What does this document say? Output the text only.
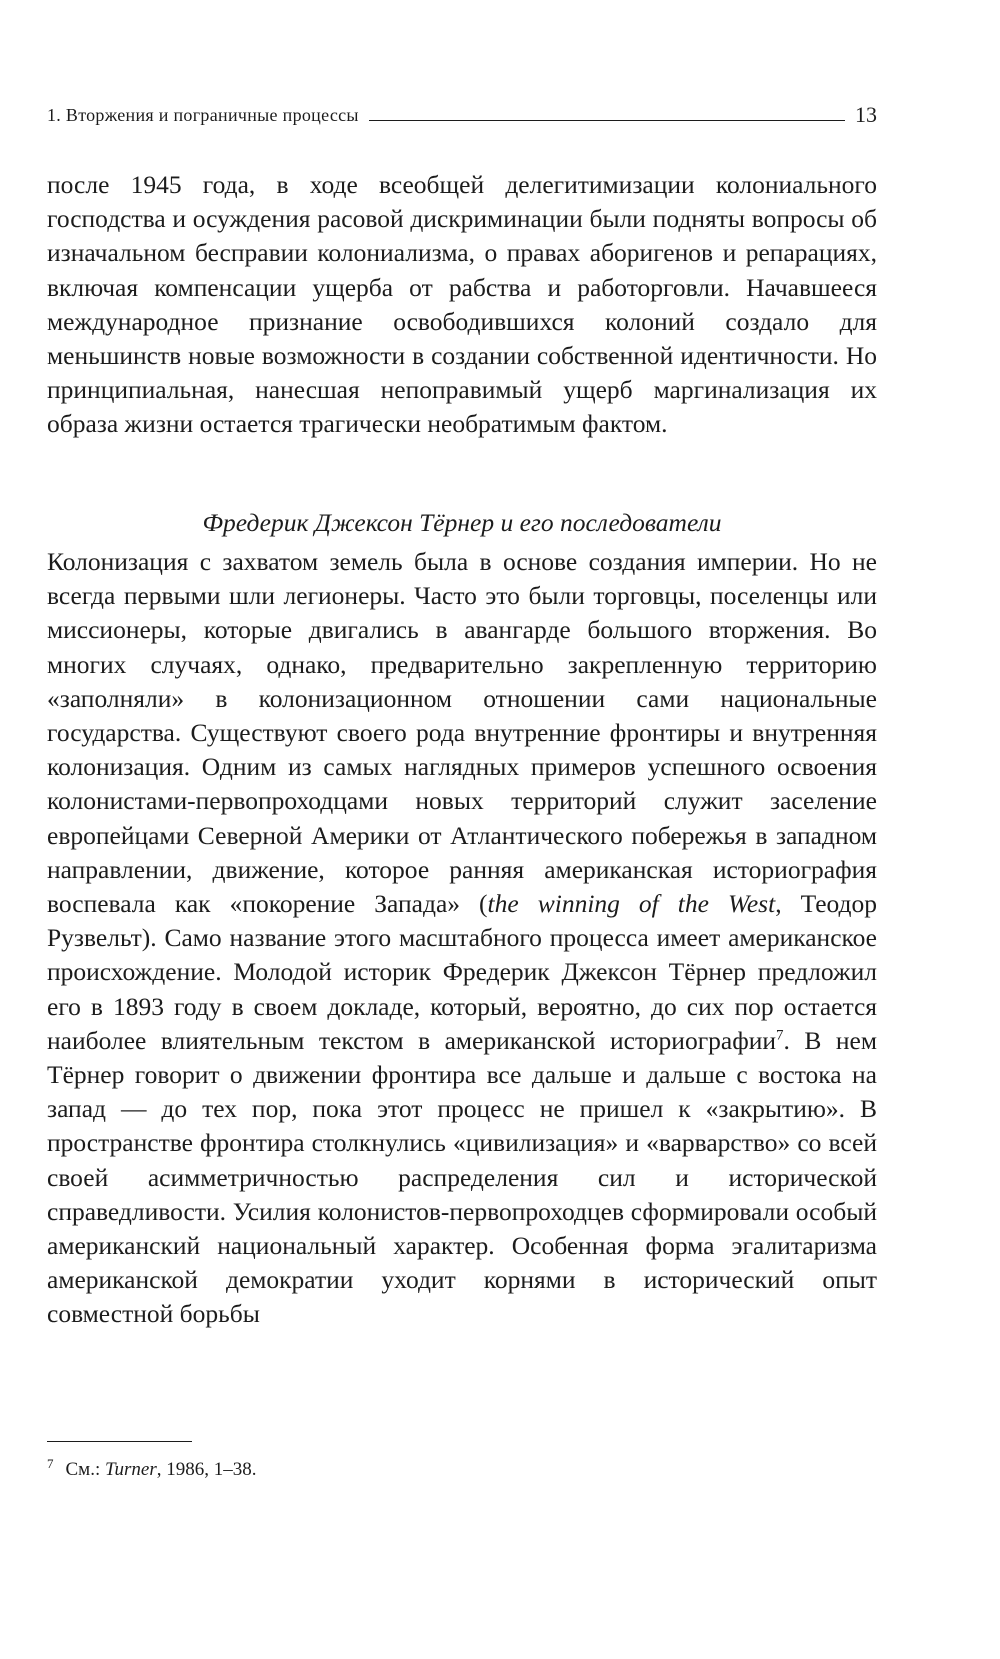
1. Вторжения и пограничные процессы	13

после 1945 года, в ходе всеобщей делегитимизации колониального господства и осуждения расовой дискриминации были подняты вопросы об изначальном бесправии колониализма, о правах аборигенов и репарациях, включая компенсации ущерба от рабства и работорговли. Начавшееся международное признание освободившихся колоний создало для меньшинств новые возможности в создании собственной идентичности. Но принципиальная, нанесшая непоправимый ущерб маргинализация их образа жизни остается трагически необратимым фактом.

Фредерик Джексон Тёрнер и его последователи

Колонизация с захватом земель была в основе создания империи. Но не всегда первыми шли легионеры. Часто это были торговцы, поселенцы или миссионеры, которые двигались в авангарде большого вторжения. Во многих случаях, однако, предварительно закрепленную территорию «заполняли» в колонизационном отношении сами национальные государства. Существуют своего рода внутренние фронтиры и внутренняя колонизация. Одним из самых наглядных примеров успешного освоения колонистами-первопроходцами новых территорий служит заселение европейцами Северной Америки от Атлантического побережья в западном направлении, движение, которое ранняя американская историография воспевала как «покорение Запада» (the winning of the West, Теодор Рузвельт). Само название этого масштабного процесса имеет американское происхождение. Молодой историк Фредерик Джексон Тёрнер предложил его в 1893 году в своем докладе, который, вероятно, до сих пор остается наиболее влиятельным текстом в американской историографии$^7$. В нем Тёрнер говорит о движении фронтира все дальше и дальше с востока на запад — до тех пор, пока этот процесс не пришел к «закрытию». В пространстве фронтира столкнулись «цивилизация» и «варварство» со всей своей асимметричностью распределения сил и исторической справедливости. Усилия колонистов-первопроходцев сформировали особый американский национальный характер. Особенная форма эгалитаризма американской демократии уходит корнями в исторический опыт совместной борьбы

$^7$ См.: Turner, 1986, 1–38.
